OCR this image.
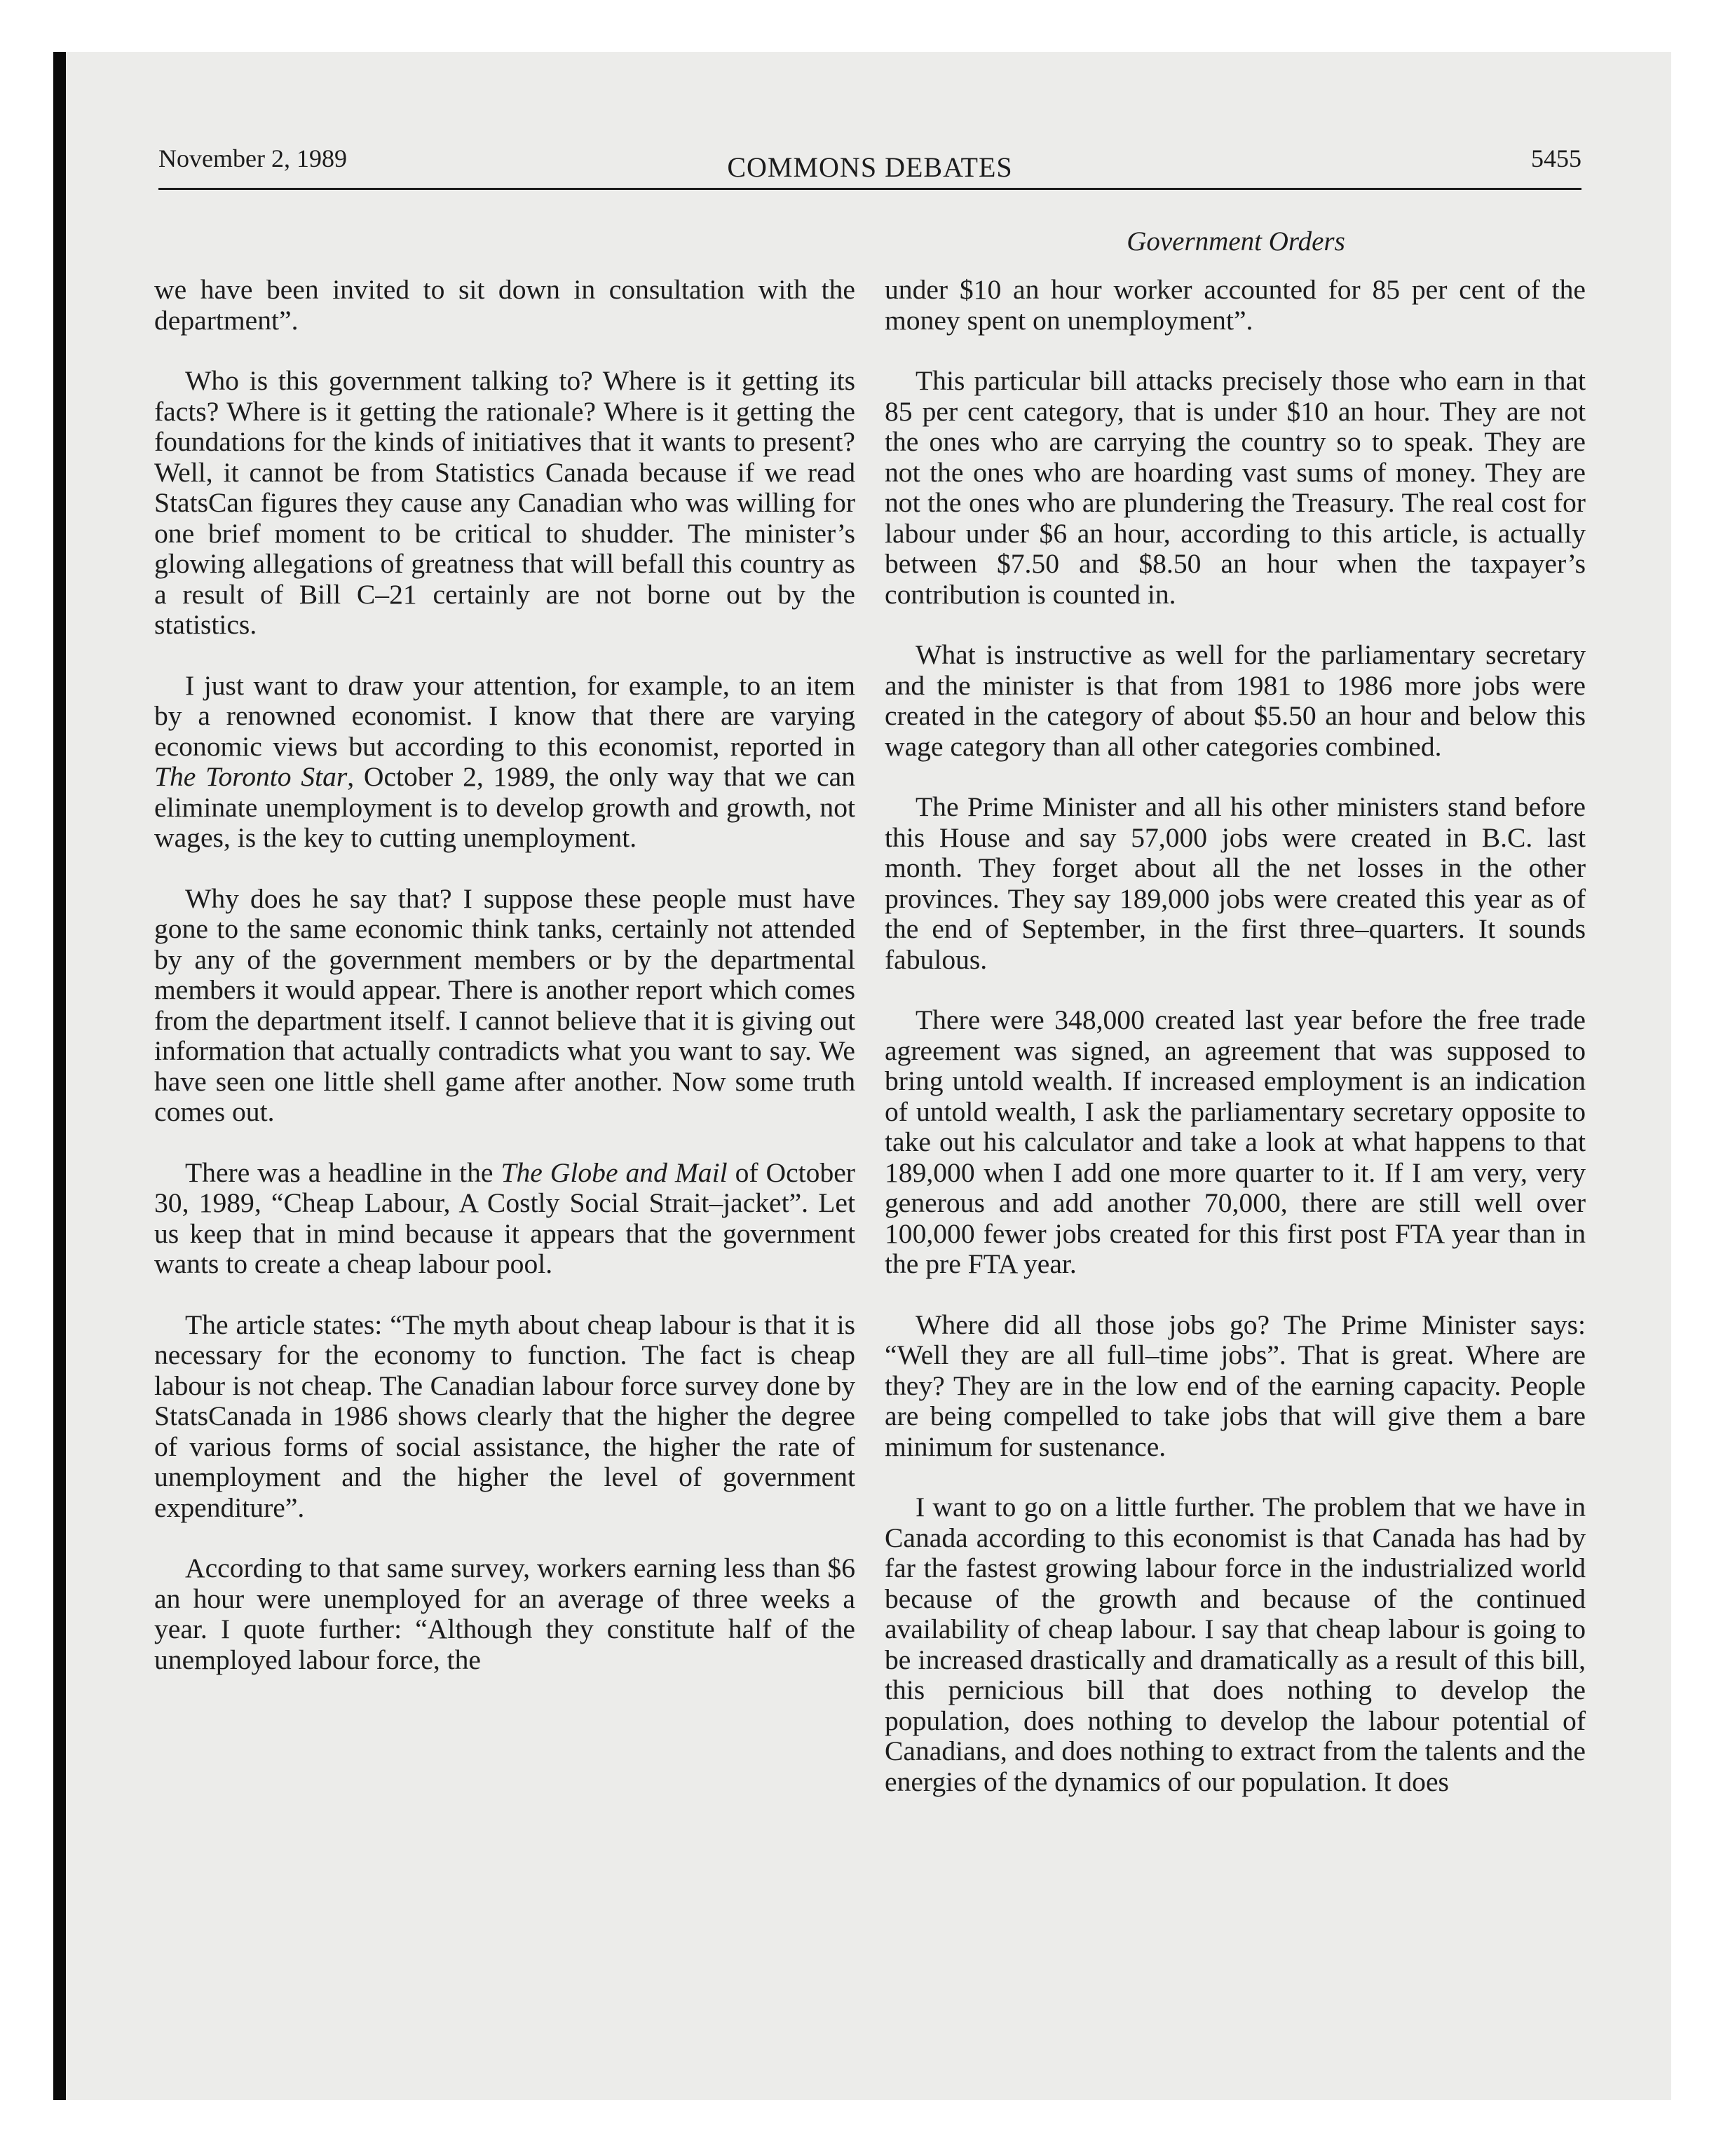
November 2, 1989	COMMONS DEBATES	5455
Government Orders

we have been invited to sit down in consultation with the department”.

Who is this government talking to? Where is it getting its facts? Where is it getting the rationale? Where is it getting the foundations for the kinds of initiatives that it wants to present? Well, it cannot be from Statistics Canada because if we read StatsCan figures they cause any Canadian who was willing for one brief moment to be critical to shudder. The minister’s glowing allegations of greatness that will befall this country as a result of Bill C–21 certainly are not borne out by the statistics.

I just want to draw your attention, for example, to an item by a renowned economist. I know that there are varying economic views but according to this economist, reported in The Toronto Star, October 2, 1989, the only way that we can eliminate unemployment is to develop growth and growth, not wages, is the key to cutting unemployment.

Why does he say that? I suppose these people must have gone to the same economic think tanks, certainly not attended by any of the government members or by the departmental members it would appear. There is another report which comes from the department itself. I cannot believe that it is giving out information that actually contradicts what you want to say. We have seen one little shell game after another. Now some truth comes out.

There was a headline in the The Globe and Mail of October 30, 1989, “Cheap Labour, A Costly Social Strait–jacket”. Let us keep that in mind because it appears that the government wants to create a cheap labour pool.

The article states: “The myth about cheap labour is that it is necessary for the economy to function. The fact is cheap labour is not cheap. The Canadian labour force survey done by StatsCanada in 1986 shows clearly that the higher the degree of various forms of social assistance, the higher the rate of unemployment and the higher the level of government expenditure”.

According to that same survey, workers earning less than $6 an hour were unemployed for an average of three weeks a year. I quote further: “Although they constitute half of the unemployed labour force, the

under $10 an hour worker accounted for 85 per cent of the money spent on unemployment”.

This particular bill attacks precisely those who earn in that 85 per cent category, that is under $10 an hour. They are not the ones who are carrying the country so to speak. They are not the ones who are hoarding vast sums of money. They are not the ones who are plundering the Treasury. The real cost for labour under $6 an hour, according to this article, is actually between $7.50 and $8.50 an hour when the taxpayer’s contribution is counted in.

What is instructive as well for the parliamentary secretary and the minister is that from 1981 to 1986 more jobs were created in the category of about $5.50 an hour and below this wage category than all other categories combined.

The Prime Minister and all his other ministers stand before this House and say 57,000 jobs were created in B.C. last month. They forget about all the net losses in the other provinces. They say 189,000 jobs were created this year as of the end of September, in the first three–quarters. It sounds fabulous.

There were 348,000 created last year before the free trade agreement was signed, an agreement that was supposed to bring untold wealth. If increased employment is an indication of untold wealth, I ask the parliamentary secretary opposite to take out his calculator and take a look at what happens to that 189,000 when I add one more quarter to it. If I am very, very generous and add another 70,000, there are still well over 100,000 fewer jobs created for this first post FTA year than in the pre FTA year.

Where did all those jobs go? The Prime Minister says: “Well they are all full–time jobs”. That is great. Where are they? They are in the low end of the earning capacity. People are being compelled to take jobs that will give them a bare minimum for sustenance.

I want to go on a little further. The problem that we have in Canada according to this economist is that Canada has had by far the fastest growing labour force in the industrialized world because of the growth and because of the continued availability of cheap labour. I say that cheap labour is going to be increased drastically and dramatically as a result of this bill, this pernicious bill that does nothing to develop the population, does nothing to develop the labour potential of Canadians, and does nothing to extract from the talents and the energies of the dynamics of our population. It does
